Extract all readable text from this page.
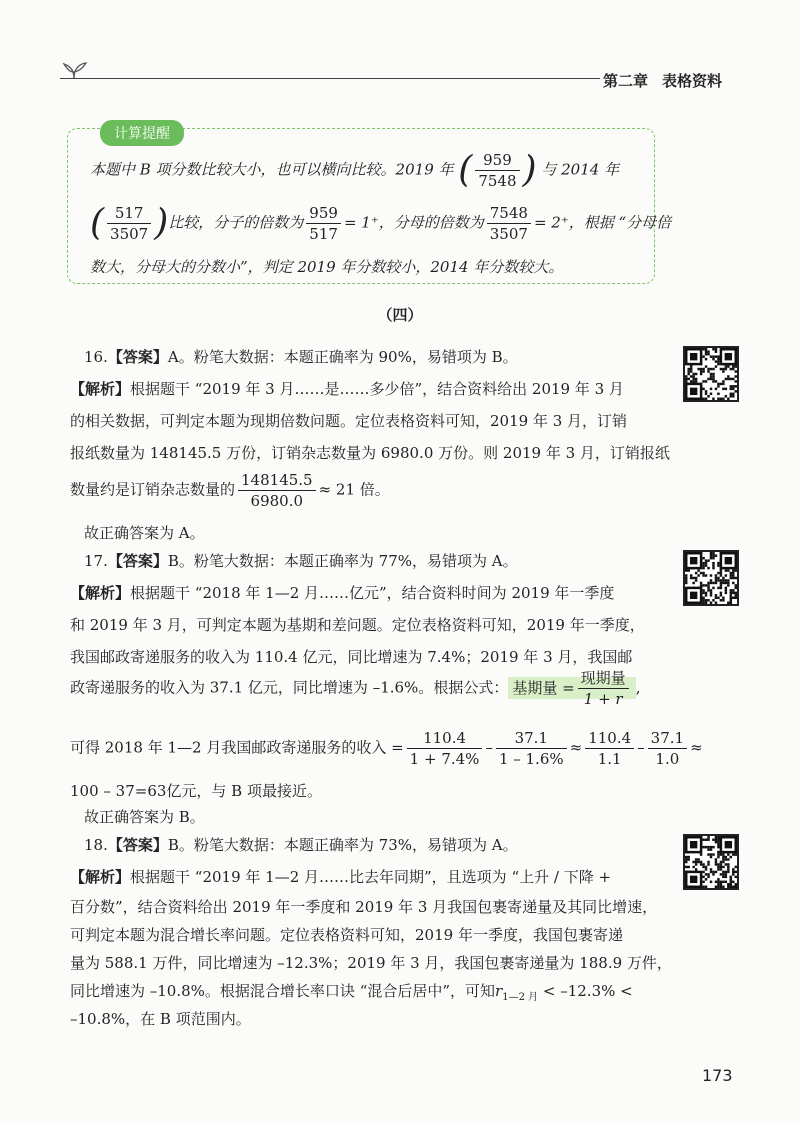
第二章 表格资料
计算提醒
本题中 B 项分数比较大小，也可以横向比较。2019 年 ( $\frac{959}{7548}$ ) 与 2014 年
( $\frac{517}{3507}$ )比较，分子的倍数为 $\frac{959}{517} = 1^+$，分母的倍数为 $\frac{7548}{3507} = 2^+$，根据 “分母倍
数大，分母大的分数小”，判定 2019 年分数较小，2014 年分数较大。
（四）
16.【答案】A。粉笔大数据：本题正确率为 90%，易错项为 B。
【解析】根据题干 “2019 年 3 月……是……多少倍”，结合资料给出 2019 年 3 月
的相关数据，可判定本题为现期倍数问题。定位表格资料可知，2019 年 3 月，订销
报纸数量为 148145.5 万份，订销杂志数量为 6980.0 万份。则 2019 年 3 月，订销报纸
数量约是订销杂志数量的 $\frac{148145.5}{6980.0} \approx 21$ 倍。
故正确答案为 A。
17.【答案】B。粉笔大数据：本题正确率为 77%，易错项为 A。
【解析】根据题干 “2018 年 1—2 月……亿元”，结合资料时间为 2019 年一季度
和 2019 年 3 月，可判定本题为基期和差问题。定位表格资料可知，2019 年一季度，
我国邮政寄递服务的收入为 110.4 亿元，同比增速为 7.4%；2019 年 3 月，我国邮
政寄递服务的收入为 37.1 亿元，同比增速为 –1.6%。根据公式： 基期量 = $\frac{\text{现期量}}{1 + r}$ ,
可得 2018 年 1—2 月我国邮政寄递服务的收入 = $\frac{110.4}{1 + 7.4\%} - \frac{37.1}{1 - 1.6\%} \approx \frac{110.4}{1.1} - \frac{37.1}{1.0}$ ≈
100 – 37=63亿元，与 B 项最接近。
故正确答案为 B。
18.【答案】B。粉笔大数据：本题正确率为 73%，易错项为 A。
【解析】根据题干 “2019 年 1—2 月……比去年同期”，且选项为 “上升 / 下降 +
百分数”，结合资料给出 2019 年一季度和 2019 年 3 月我国包裹寄递量及其同比增速，
可判定本题为混合增长率问题。定位表格资料可知，2019 年一季度，我国包裹寄递
量为 588.1 万件，同比增速为 –12.3%；2019 年 3 月，我国包裹寄递量为 188.9 万件，
同比增速为 –10.8%。根据混合增长率口诀 “混合后居中”，可知$r_{1—2 月} < -12.3\%$ <
–10.8%，在 B 项范围内。
173
